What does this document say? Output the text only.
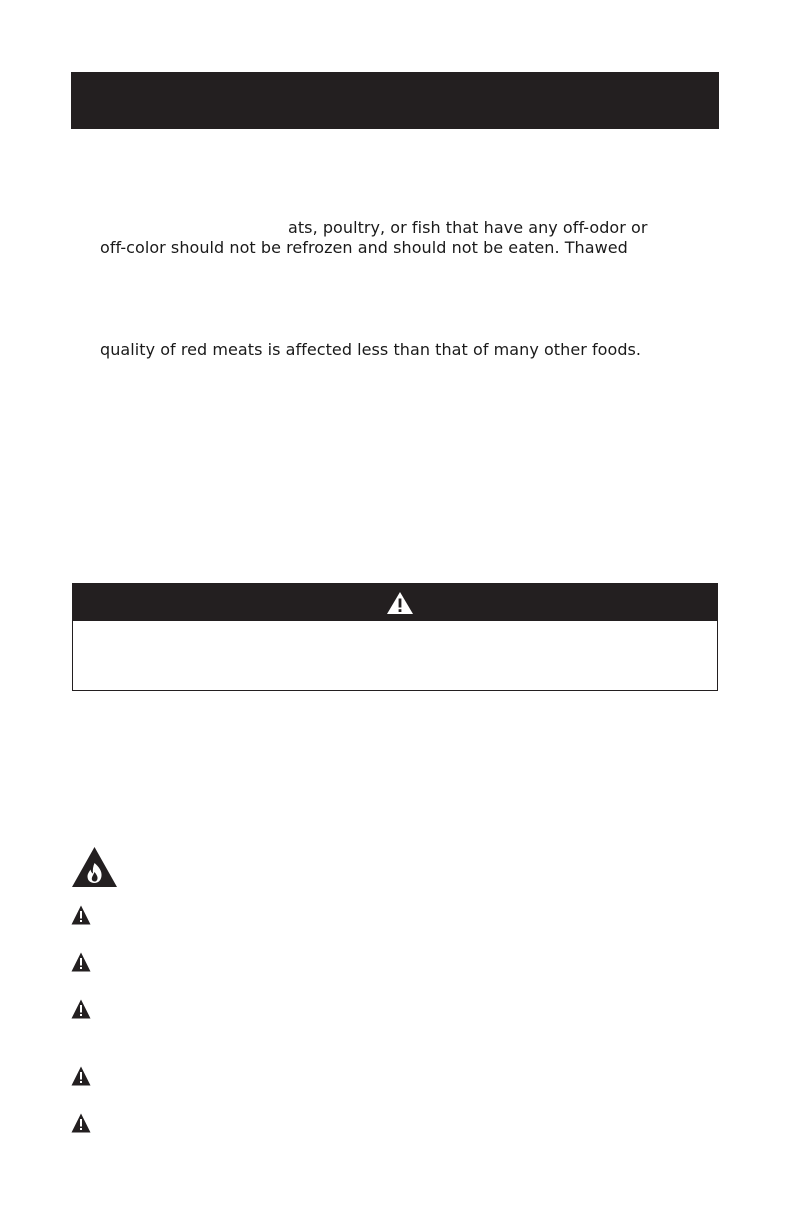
ats, poultry, or fish that have any off-odor or
off-color should not be refrozen and should not be eaten. Thawed
quality of red meats is affected less than that of many other foods.
